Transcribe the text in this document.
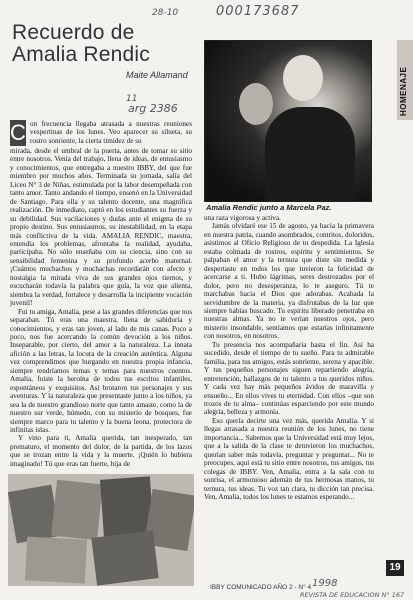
28-10	000173687
11
arg 2386
Recuerdo de
Amalia Rendic
Maite Allamand
Amalia Rendic junto a Marcela Paz.
HOMENAJE
C on frecuencia llegaba atrasada a nuestras reuniones vespertinas de los lunes. Veo aparecer su silueta, su rostro sonriente, la cierta timidez de su

mirada, desde el umbral de la puerta, antes de tomar su sitio entre nosotros. Venía del trabajo, llena de ideas, de entusiasmo y conocimientos, que entregaba a nuestro IBBY, del que fue miembro por muchos años. Terminada su jornada, salía del Liceo N° 3 de Niñas, estimulada por la labor desempeñada con tanto amor. Tanto andando el tiempo, ensenó en la Universidad de Santiago. Para ella y su talento docente, una magnífica realización. De inmediato, captó en los estudiantes su fuerza y su debilidad. Sus vacilaciones y dudas ante el enigma de su propio destino. Sus entusiasmos, su inestabilidad, en la etapa más conflictiva de la vida. AMALIA RENDIC, maestra, entendía los problemas, afrontaba la realidad, ayudaba, participaba. No sólo enseñaba con su ciencia, sino con su sensibilidad femenina y su profundo acerbo maternal. ¡Cuántos muchachos y muchachas recordarán con afecto y nostalgia la mirada viva de sus grandes ojos tiernos, y escucharán todavía la palabra que guía, la voz que alienta, siembra la verdad, fortalece y desarrolla la incipiente vocación juvenil!

Fui tu amiga, Amalia, pese a las grandes diferencias que nos separaban. Tú eras una maestra, llena de sabiduría y conocimientos, y eras tan joven, al lado de mis canas. Poco a poco, nos fue acercando la común devoción a los niños. Inseparable, por cierto, del amor a la naturaleza. La innata afición a las letras, la locura de la creación auténtica. Alguna vez comprendimos que hurgando en nuestra propia infancia, siempre tendríamos temas y temas para nuestros cuentos. Amalia, fuiste la heroína de todos tus escritos infantiles, espontáneos y exquisitos. Así brotaron tus personajes y sus aventuras. Y la naturaleza que presentaste junto a los niños, ya sea la de nuestro grandioso norte que tanto amaste, como la de nuestro sur verde, húmedo, con su misterio de bosques, fue siempre marco para tu talento y la buena leona, protectora de infinitas islas.

Y vino para ti, Amalia querida, tan inesperado, tan prematuro, el momento del dolor, de la partida, de los lazos que se trozan entre la vida y la muerte. ¡Quién lo hubiera imaginado! Tú que eras tan fuerte, hija de

una raza vigorosa y activa.

Jamás olvidaré ese 15 de agosto, ya hacia la primavera en nuestra patria, cuando asombrados, contritos, doloridos, asistimos al Oficio Religioso de tu despedida. La Iglesia estaba colmada de rostros, espíritu y sentimientos. Se palpaban el amor y la ternura que diste sin medida y despertaste en todos los que tuvieron la felicidad de acercarse a ti. Hubo lágrimas, seres destrozados por el dolor, pero no desesperanza, lo te aseguro. Tú te marchabas hacia el Dios que adorabas. Acabada la servidumbre de la materia, ya disfrutabas de la luz que siempre habías buscado. Tu espíritu liberado penetraba en nuestras almas. Ya no te verían nuestros ojos, pero misterio insondable, sentíamos que estarías infinitamente con nosotros, en nosotros.

Tu presencia nos acompañaría hasta el fin. Así ha sucedido, desde el tiempo de tu sueño. Para tu admirable familia, para tus amigos, estás sonriente, serena y apacible. Y tus pequeños personajes siguen repartiendo alegría, entretención, hallazgos de tu talento a tus queridos niños. Y cada vez hay más pequeños ávidos de maravilla y ensueño... En ellos vives tu eternidad. Con ellos –que son trozos de tu alma– continúas esparciendo por este mundo alegría, belleza y armonía.

Eso quería decirte una vez más, querida Amalia. Y si llegas atrasada a nuestra reunión de los lunes, no tiene importancia... Sabemos que la Universidad está muy lejos, que a la salida de la clase te detuvieron los muchachos, querían saber más todavía, preguntar y preguntar... No te preocupes, aquí está tu sitio entre nosotros, tus amigos, tus colegas de IBBY. Ven, Amalia, entra a la sala con tu sonrisa, el armonioso ademán de tus hermosas manos, tu ternura, tus ideas. Tu voz tan clara, tu dicción tan precisa. Ven, Amalia, todos los lunes te estamos esperando...

19
IBBY COMUNICADO AÑO 2 - N° 4 1998
REVISTA DE EDUCACION N° 167
